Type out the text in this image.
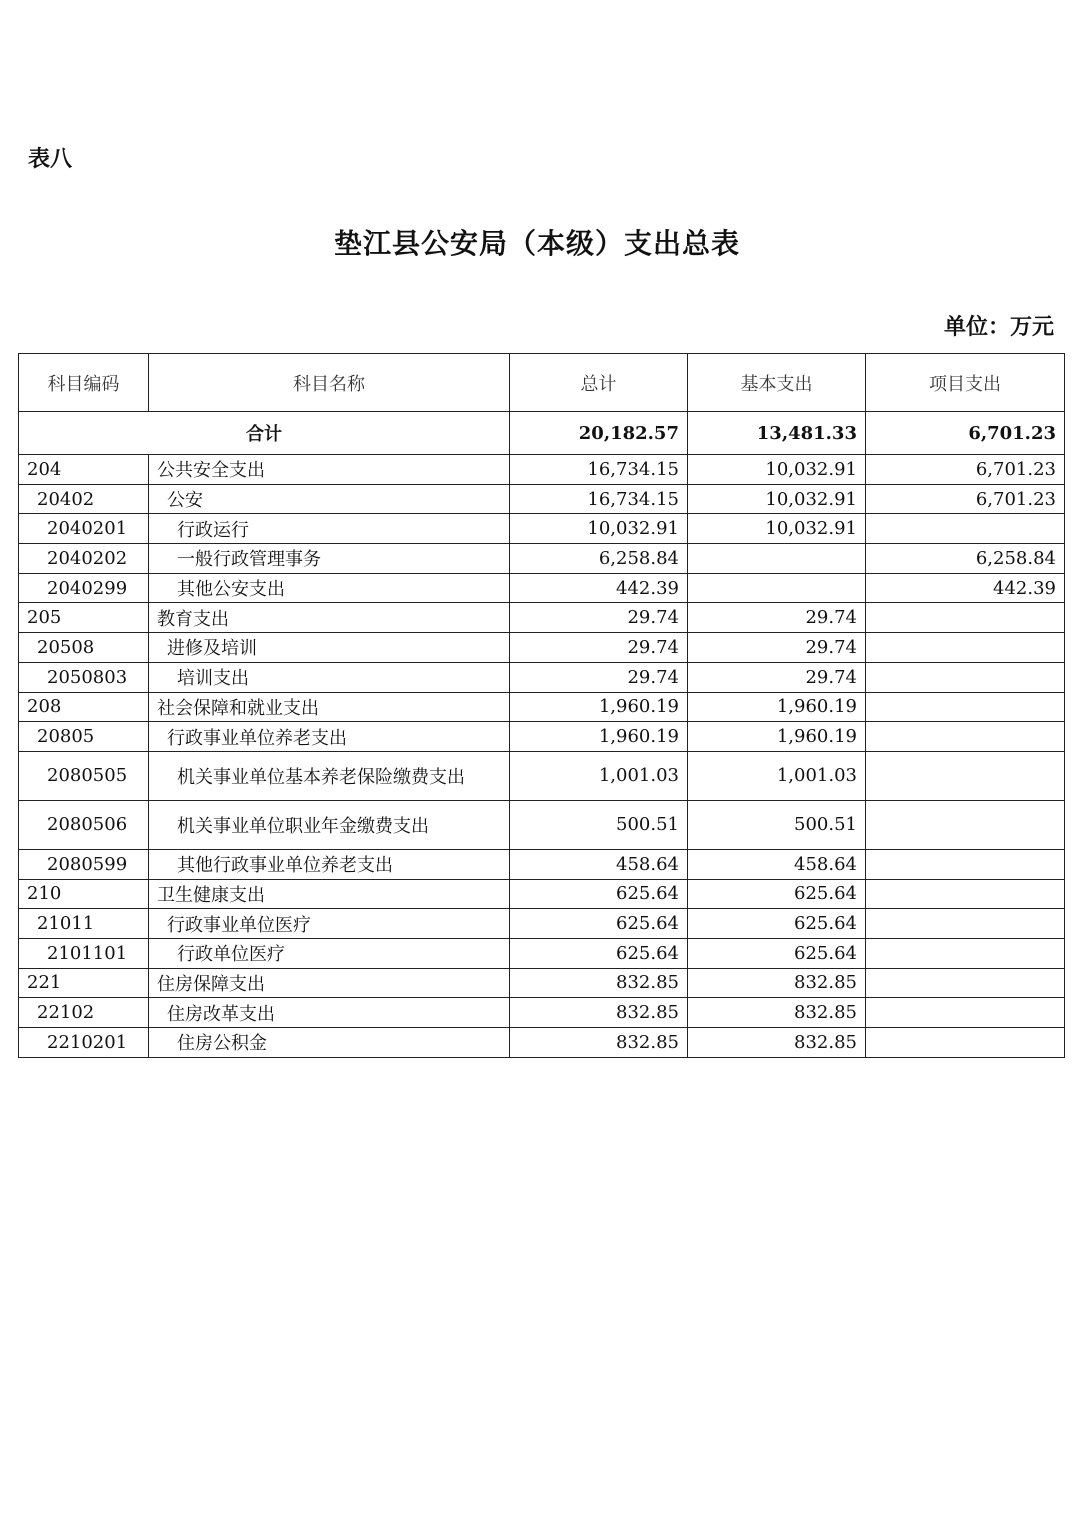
表八
垫江县公安局（本级）支出总表
单位：万元
科目编码	科目名称	总计	基本支出	项目支出
合计		20,182.57	13,481.33	6,701.23
204	公共安全支出	16,734.15	10,032.91	6,701.23
20402	公安	16,734.15	10,032.91	6,701.23
2040201	行政运行	10,032.91	10,032.91	
2040202	一般行政管理事务	6,258.84		6,258.84
2040299	其他公安支出	442.39		442.39
205	教育支出	29.74	29.74	
20508	进修及培训	29.74	29.74	
2050803	培训支出	29.74	29.74	
208	社会保障和就业支出	1,960.19	1,960.19	
20805	行政事业单位养老支出	1,960.19	1,960.19	
2080505	机关事业单位基本养老保险缴费支出	1,001.03	1,001.03	
2080506	机关事业单位职业年金缴费支出	500.51	500.51	
2080599	其他行政事业单位养老支出	458.64	458.64	
210	卫生健康支出	625.64	625.64	
21011	行政事业单位医疗	625.64	625.64	
2101101	行政单位医疗	625.64	625.64	
221	住房保障支出	832.85	832.85	
22102	住房改革支出	832.85	832.85	
2210201	住房公积金	832.85	832.85	
